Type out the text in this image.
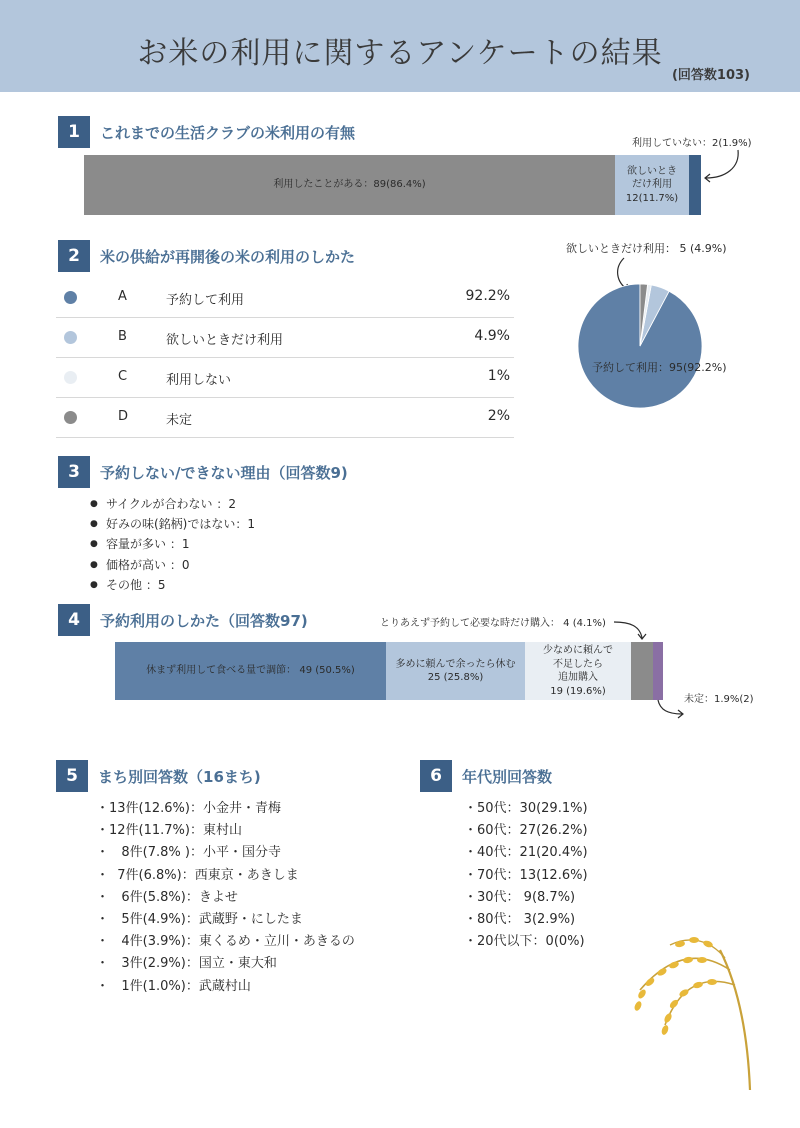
お米の利用に関するアンケートの結果
(回答数103)
1	これまでの生活クラブの米利用の有無
利用したことがある：89(86.4%)
欲しいとき
だけ利用
12(11.7%)
利用していない：2(1.9%)
2	米の供給が再開後の米の利用のしかた
A	予約して利用	92.2%
B	欲しいときだけ利用	4.9%
C	利用しない	1%
D	未定	2%
欲しいときだけ利用： 5 (4.9%)
予約して利用：95(92.2%)
3	予約しない/できない理由（回答数9)
● サイクルが合わない ：2
● 好みの味(銘柄)ではない：1
● 容量が多い ：1
● 価格が高い ：0
● その他 ：5
4	予約利用のしかた（回答数97)	とりあえず予約して必要な時だけ購入： 4 (4.1%)
休まず利用して食べる量で調節： 49 (50.5%)
多めに頼んで余ったら休む
25 (25.8%)
少なめに頼んで
不足したら
追加購入
19 (19.6%)
未定：1.9%(2)
5	まち別回答数（16まち)
・13件(12.6%)：小金井・青梅
・12件(11.7%)：東村山
・   8件(7.8% )：小平・国分寺
・  7件(6.8%)：西東京・あきしま
・   6件(5.8%)：きよせ
・   5件(4.9%)：武蔵野・にしたま
・   4件(3.9%)：東くるめ・立川・あきるの
・   3件(2.9%)：国立・東大和
・   1件(1.0%)：武蔵村山
6	年代別回答数
・50代：30(29.1%)
・60代：27(26.2%)
・40代：21(20.4%)
・70代：13(12.6%)
・30代： 9(8.7%)
・80代： 3(2.9%)
・20代以下：0(0%)
